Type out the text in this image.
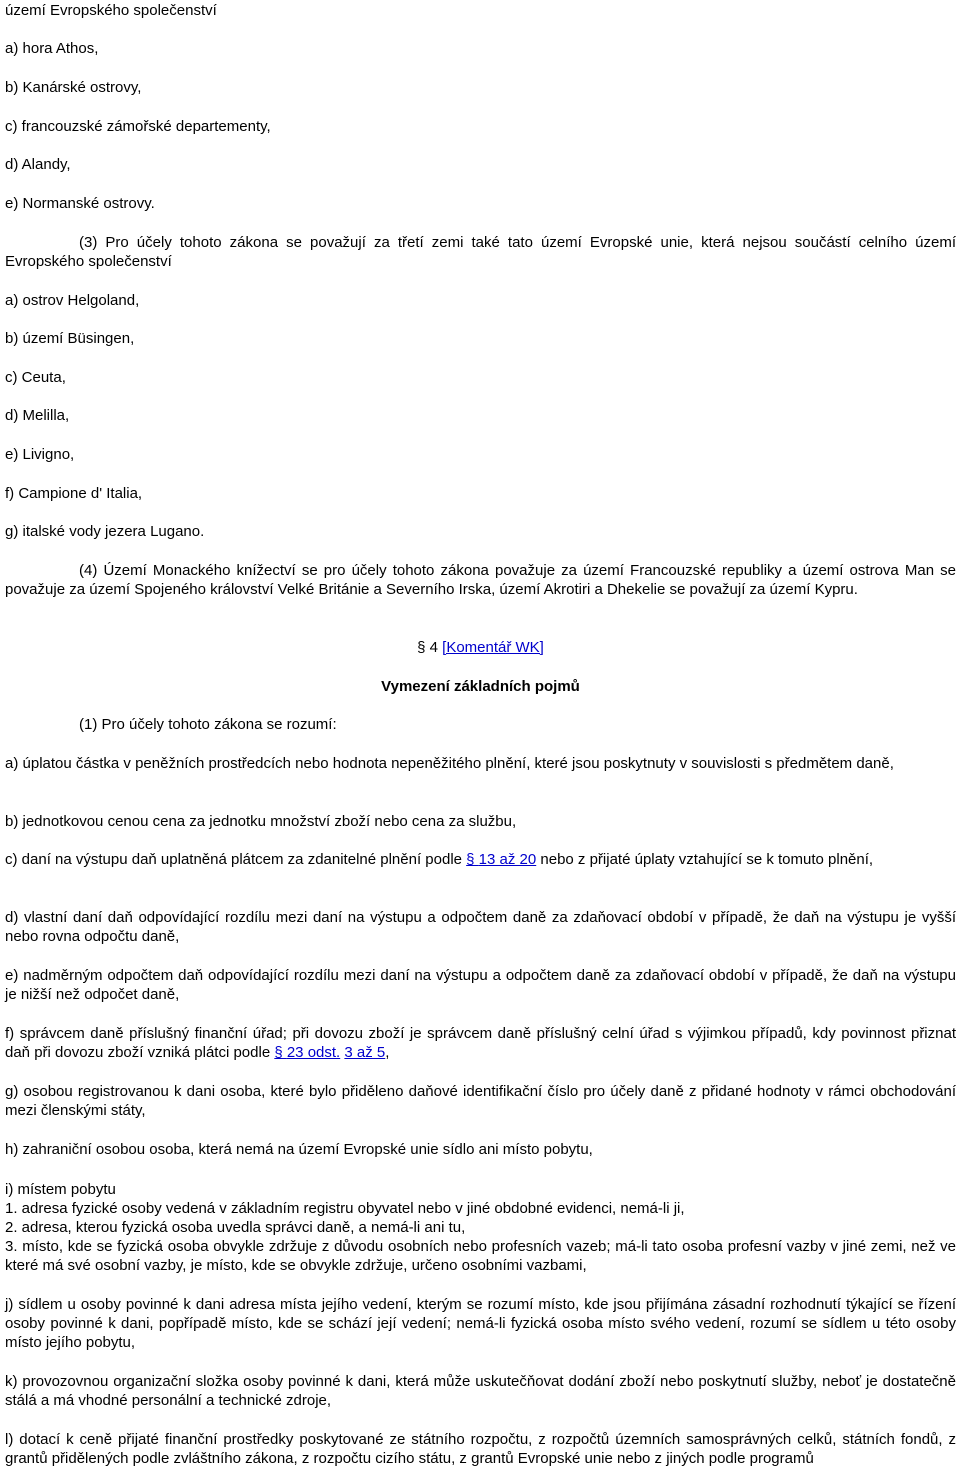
území Evropského společenství
a) hora Athos,
b) Kanárské ostrovy,
c) francouzské zámořské departementy,
d) Alandy,
e) Normanské ostrovy.
(3) Pro účely tohoto zákona se považují za třetí zemi také tato území Evropské unie, která nejsou součástí celního území Evropského společenství
a) ostrov Helgoland,
b) území Büsingen,
c) Ceuta,
d) Melilla,
e) Livigno,
f) Campione d' Italia,
g) italské vody jezera Lugano.
(4) Území Monackého knížectví se pro účely tohoto zákona považuje za území Francouzské republiky a území ostrova Man se považuje za území Spojeného království Velké Británie a Severního Irska, území Akrotiri a Dhekelie se považují za území Kypru.
§ 4 [Komentář WK]
Vymezení základních pojmů
(1) Pro účely tohoto zákona se rozumí:
a) úplatou částka v peněžních prostředcích nebo hodnota nepeněžitého plnění, které jsou poskytnuty v souvislosti s předmětem daně,
b) jednotkovou cenou cena za jednotku množství zboží nebo cena za službu,
c) daní na výstupu daň uplatněná plátcem za zdanitelné plnění podle § 13 až 20 nebo z přijaté úplaty vztahující se k tomuto plnění,
d) vlastní daní daň odpovídající rozdílu mezi daní na výstupu a odpočtem daně za zdaňovací období v případě, že daň na výstupu je vyšší nebo rovna odpočtu daně,
e) nadměrným odpočtem daň odpovídající rozdílu mezi daní na výstupu a odpočtem daně za zdaňovací období v případě, že daň na výstupu je nižší než odpočet daně,
f) správcem daně příslušný finanční úřad; při dovozu zboží je správcem daně příslušný celní úřad s výjimkou případů, kdy povinnost přiznat daň při dovozu zboží vzniká plátci podle § 23 odst. 3 až 5,
g) osobou registrovanou k dani osoba, které bylo přiděleno daňové identifikační číslo pro účely daně z přidané hodnoty v rámci obchodování mezi členskými státy,
h) zahraniční osobou osoba, která nemá na území Evropské unie sídlo ani místo pobytu,
i) místem pobytu
1. adresa fyzické osoby vedená v základním registru obyvatel nebo v jiné obdobné evidenci, nemá-li ji,
2. adresa, kterou fyzická osoba uvedla správci daně, a nemá-li ani tu,
3. místo, kde se fyzická osoba obvykle zdržuje z důvodu osobních nebo profesních vazeb; má-li tato osoba profesní vazby v jiné zemi, než ve které má své osobní vazby, je místo, kde se obvykle zdržuje, určeno osobními vazbami,
j) sídlem u osoby povinné k dani adresa místa jejího vedení, kterým se rozumí místo, kde jsou přijímána zásadní rozhodnutí týkající se řízení osoby povinné k dani, popřípadě místo, kde se schází její vedení; nemá-li fyzická osoba místo svého vedení, rozumí se sídlem u této osoby místo jejího pobytu,
k) provozovnou organizační složka osoby povinné k dani, která může uskutečňovat dodání zboží nebo poskytnutí služby, neboť je dostatečně stálá a má vhodné personální a technické zdroje,
l) dotací k ceně přijaté finanční prostředky poskytované ze státního rozpočtu, z rozpočtů územních samosprávných celků, státních fondů, z grantů přidělených podle zvláštního zákona, z rozpočtu cizího státu, z grantů Evropské unie nebo z jiných podle programů
